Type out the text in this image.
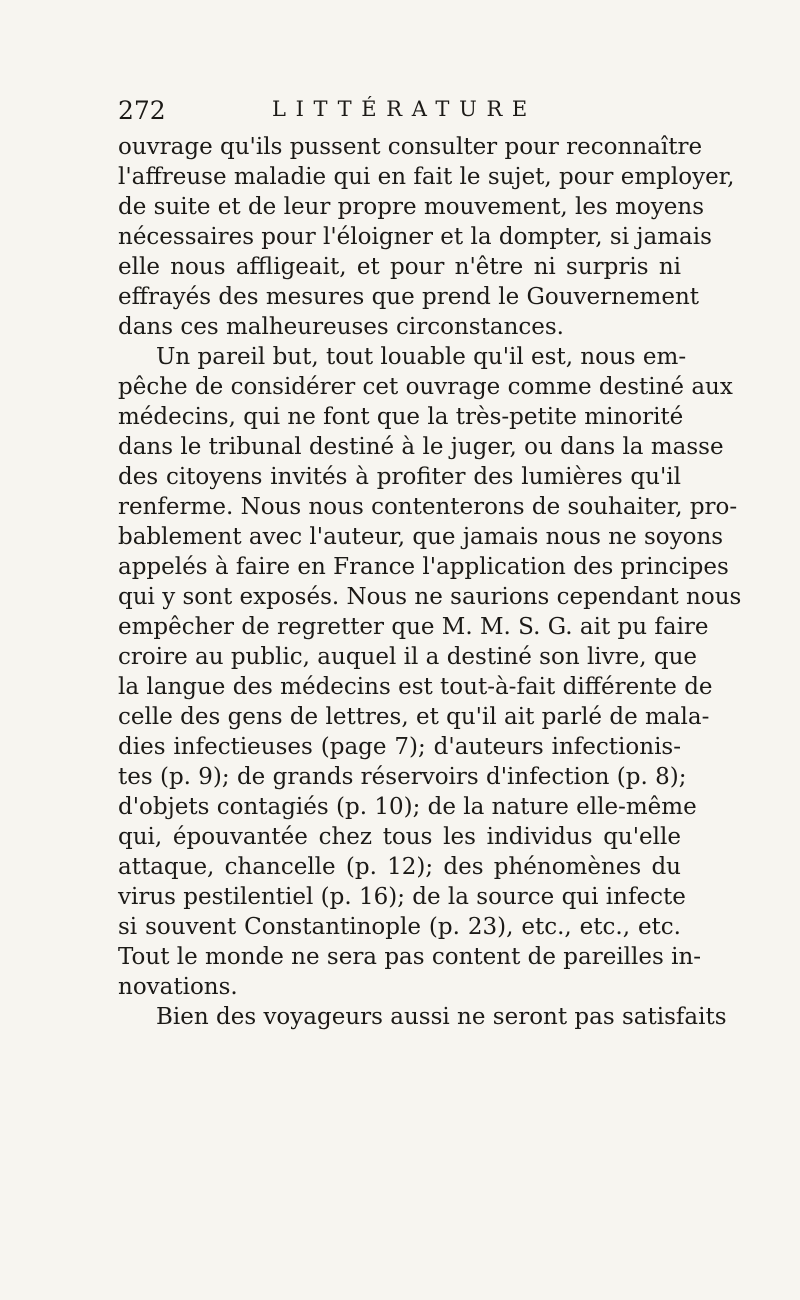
272	LITTÉRATURE
ouvrage qu'ils pussent consulter pour reconnaître
l'affreuse maladie qui en fait le sujet, pour employer,
de suite et de leur propre mouvement, les moyens
nécessaires pour l'éloigner et la dompter, si jamais
elle nous affligeait, et pour n'être ni surpris ni
effrayés des mesures que prend le Gouvernement
dans ces malheureuses circonstances.
Un pareil but, tout louable qu'il est, nous em-
pêche de considérer cet ouvrage comme destiné aux
médecins, qui ne font que la très-petite minorité
dans le tribunal destiné à le juger, ou dans la masse
des citoyens invités à profiter des lumières qu'il
renferme. Nous nous contenterons de souhaiter, pro-
bablement avec l'auteur, que jamais nous ne soyons
appelés à faire en France l'application des principes
qui y sont exposés. Nous ne saurions cependant nous
empêcher de regretter que M. M. S. G. ait pu faire
croire au public, auquel il a destiné son livre, que
la langue des médecins est tout-à-fait différente de
celle des gens de lettres, et qu'il ait parlé de mala-
dies infectieuses (page 7); d'auteurs infectionis-
tes (p. 9); de grands réservoirs d'infection (p. 8);
d'objets contagiés (p. 10); de la nature elle-même
qui, épouvantée chez tous les individus qu'elle
attaque, chancelle (p. 12); des phénomènes du
virus pestilentiel (p. 16); de la source qui infecte
si souvent Constantinople (p. 23), etc., etc., etc.
Tout le monde ne sera pas content de pareilles in-
novations.
Bien des voyageurs aussi ne seront pas satisfaits
